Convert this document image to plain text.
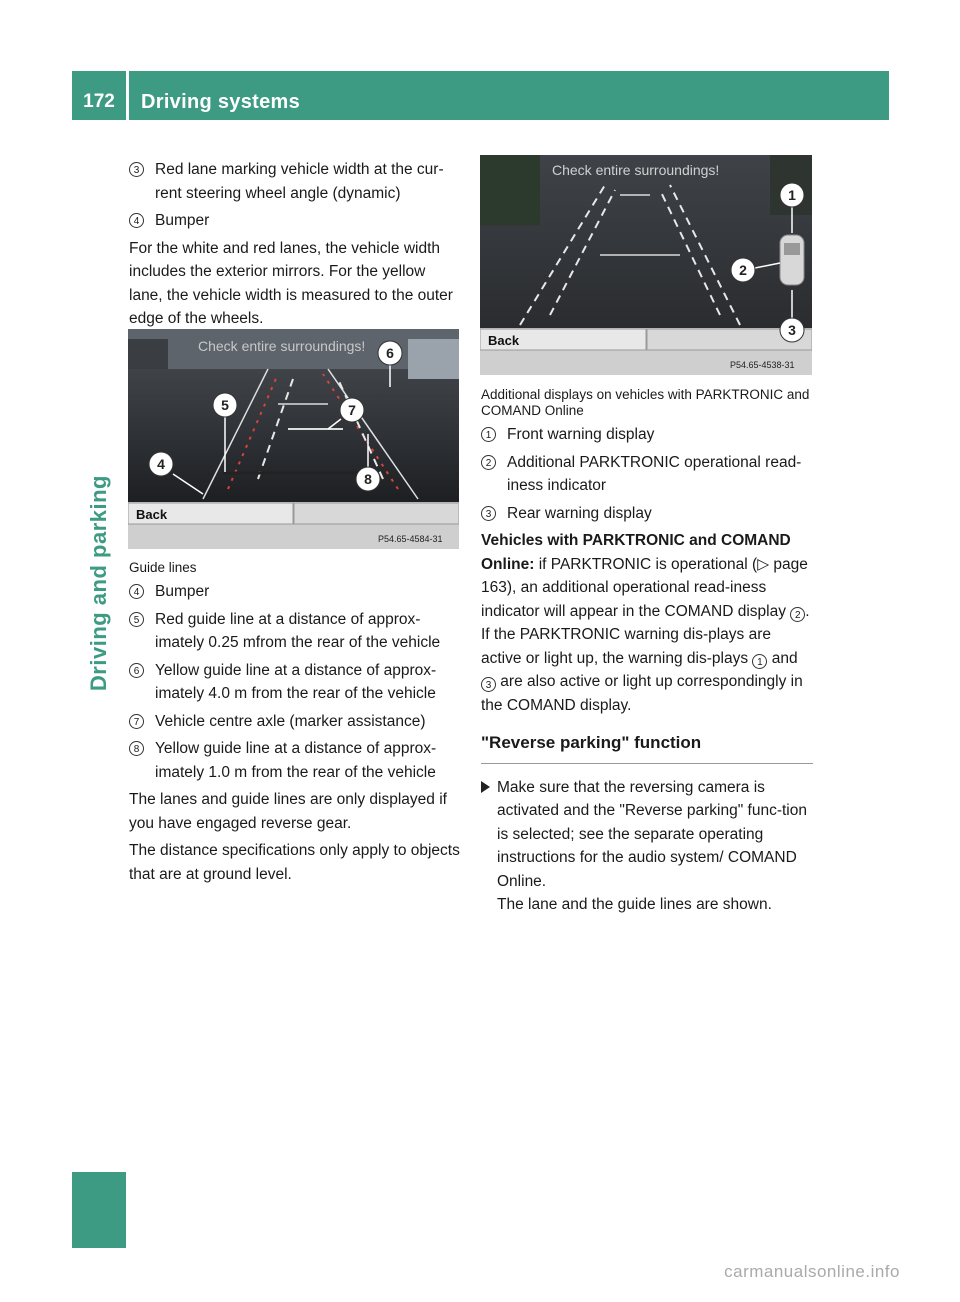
172	Driving systems
Driving and parking
3	Red lane marking vehicle width at the cur-rent steering wheel angle (dynamic)
4	Bumper

For the white and red lanes, the vehicle width includes the exterior mirrors. For the yellow lane, the vehicle width is measured to the outer edge of the wheels.

Check entire surroundings!
Back
P54.65-4584-31
4
5
6
7
8

Guide lines

4	Bumper
5	Red guide line at a distance of approx-imately 0.25 mfrom the rear of the vehicle
6	Yellow guide line at a distance of approx-imately 4.0 m from the rear of the vehicle
7	Vehicle centre axle (marker assistance)
8	Yellow guide line at a distance of approx-imately 1.0 m from the rear of the vehicle

The lanes and guide lines are only displayed if you have engaged reverse gear.

The distance specifications only apply to objects that are at ground level.

Check entire surroundings!
Back
P54.65-4538-31
1
2
3

Additional displays on vehicles with PARKTRONIC and COMAND Online

1	Front warning display
2	Additional PARKTRONIC operational read-iness indicator
3	Rear warning display

Vehicles with PARKTRONIC and COMAND Online: if PARKTRONIC is operational (▷ page 163), an additional operational read-iness indicator will appear in the COMAND display 2 . If the PARKTRONIC warning dis-plays are active or light up, the warning dis-plays 1 and 3 are also active or light up correspondingly in the COMAND display.

"Reverse parking" function
Make sure that the reversing camera is activated and the "Reverse parking" func-tion is selected; see the separate operating instructions for the audio system/ COMAND Online.
The lane and the guide lines are shown.
carmanualsonline.info
